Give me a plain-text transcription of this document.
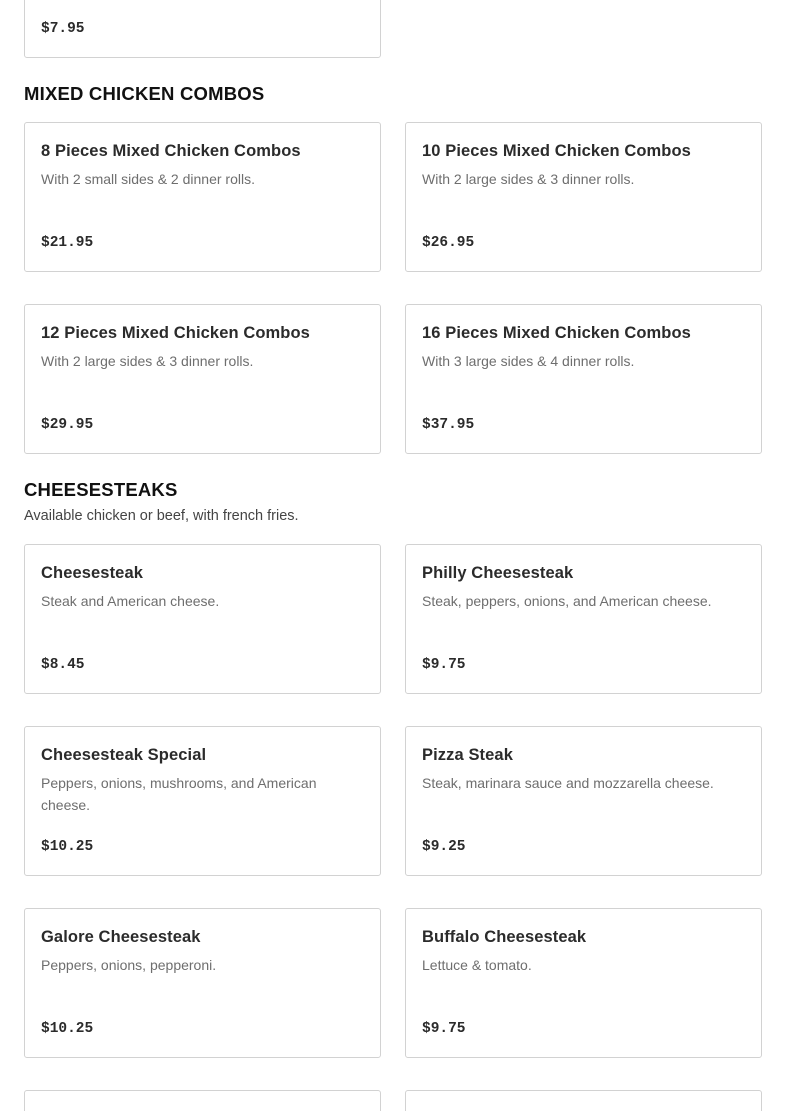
$7.95
MIXED CHICKEN COMBOS
8 Pieces Mixed Chicken Combos
With 2 small sides & 2 dinner rolls.
$21.95
10 Pieces Mixed Chicken Combos
With 2 large sides & 3 dinner rolls.
$26.95
12 Pieces Mixed Chicken Combos
With 2 large sides & 3 dinner rolls.
$29.95
16 Pieces Mixed Chicken Combos
With 3 large sides & 4 dinner rolls.
$37.95
CHEESESTEAKS
Available chicken or beef, with french fries.
Cheesesteak
Steak and American cheese.
$8.45
Philly Cheesesteak
Steak, peppers, onions, and American cheese.
$9.75
Cheesesteak Special
Peppers, onions, mushrooms, and American cheese.
$10.25
Pizza Steak
Steak, marinara sauce and mozzarella cheese.
$9.25
Galore Cheesesteak
Peppers, onions, pepperoni.
$10.25
Buffalo Cheesesteak
Lettuce & tomato.
$9.75
